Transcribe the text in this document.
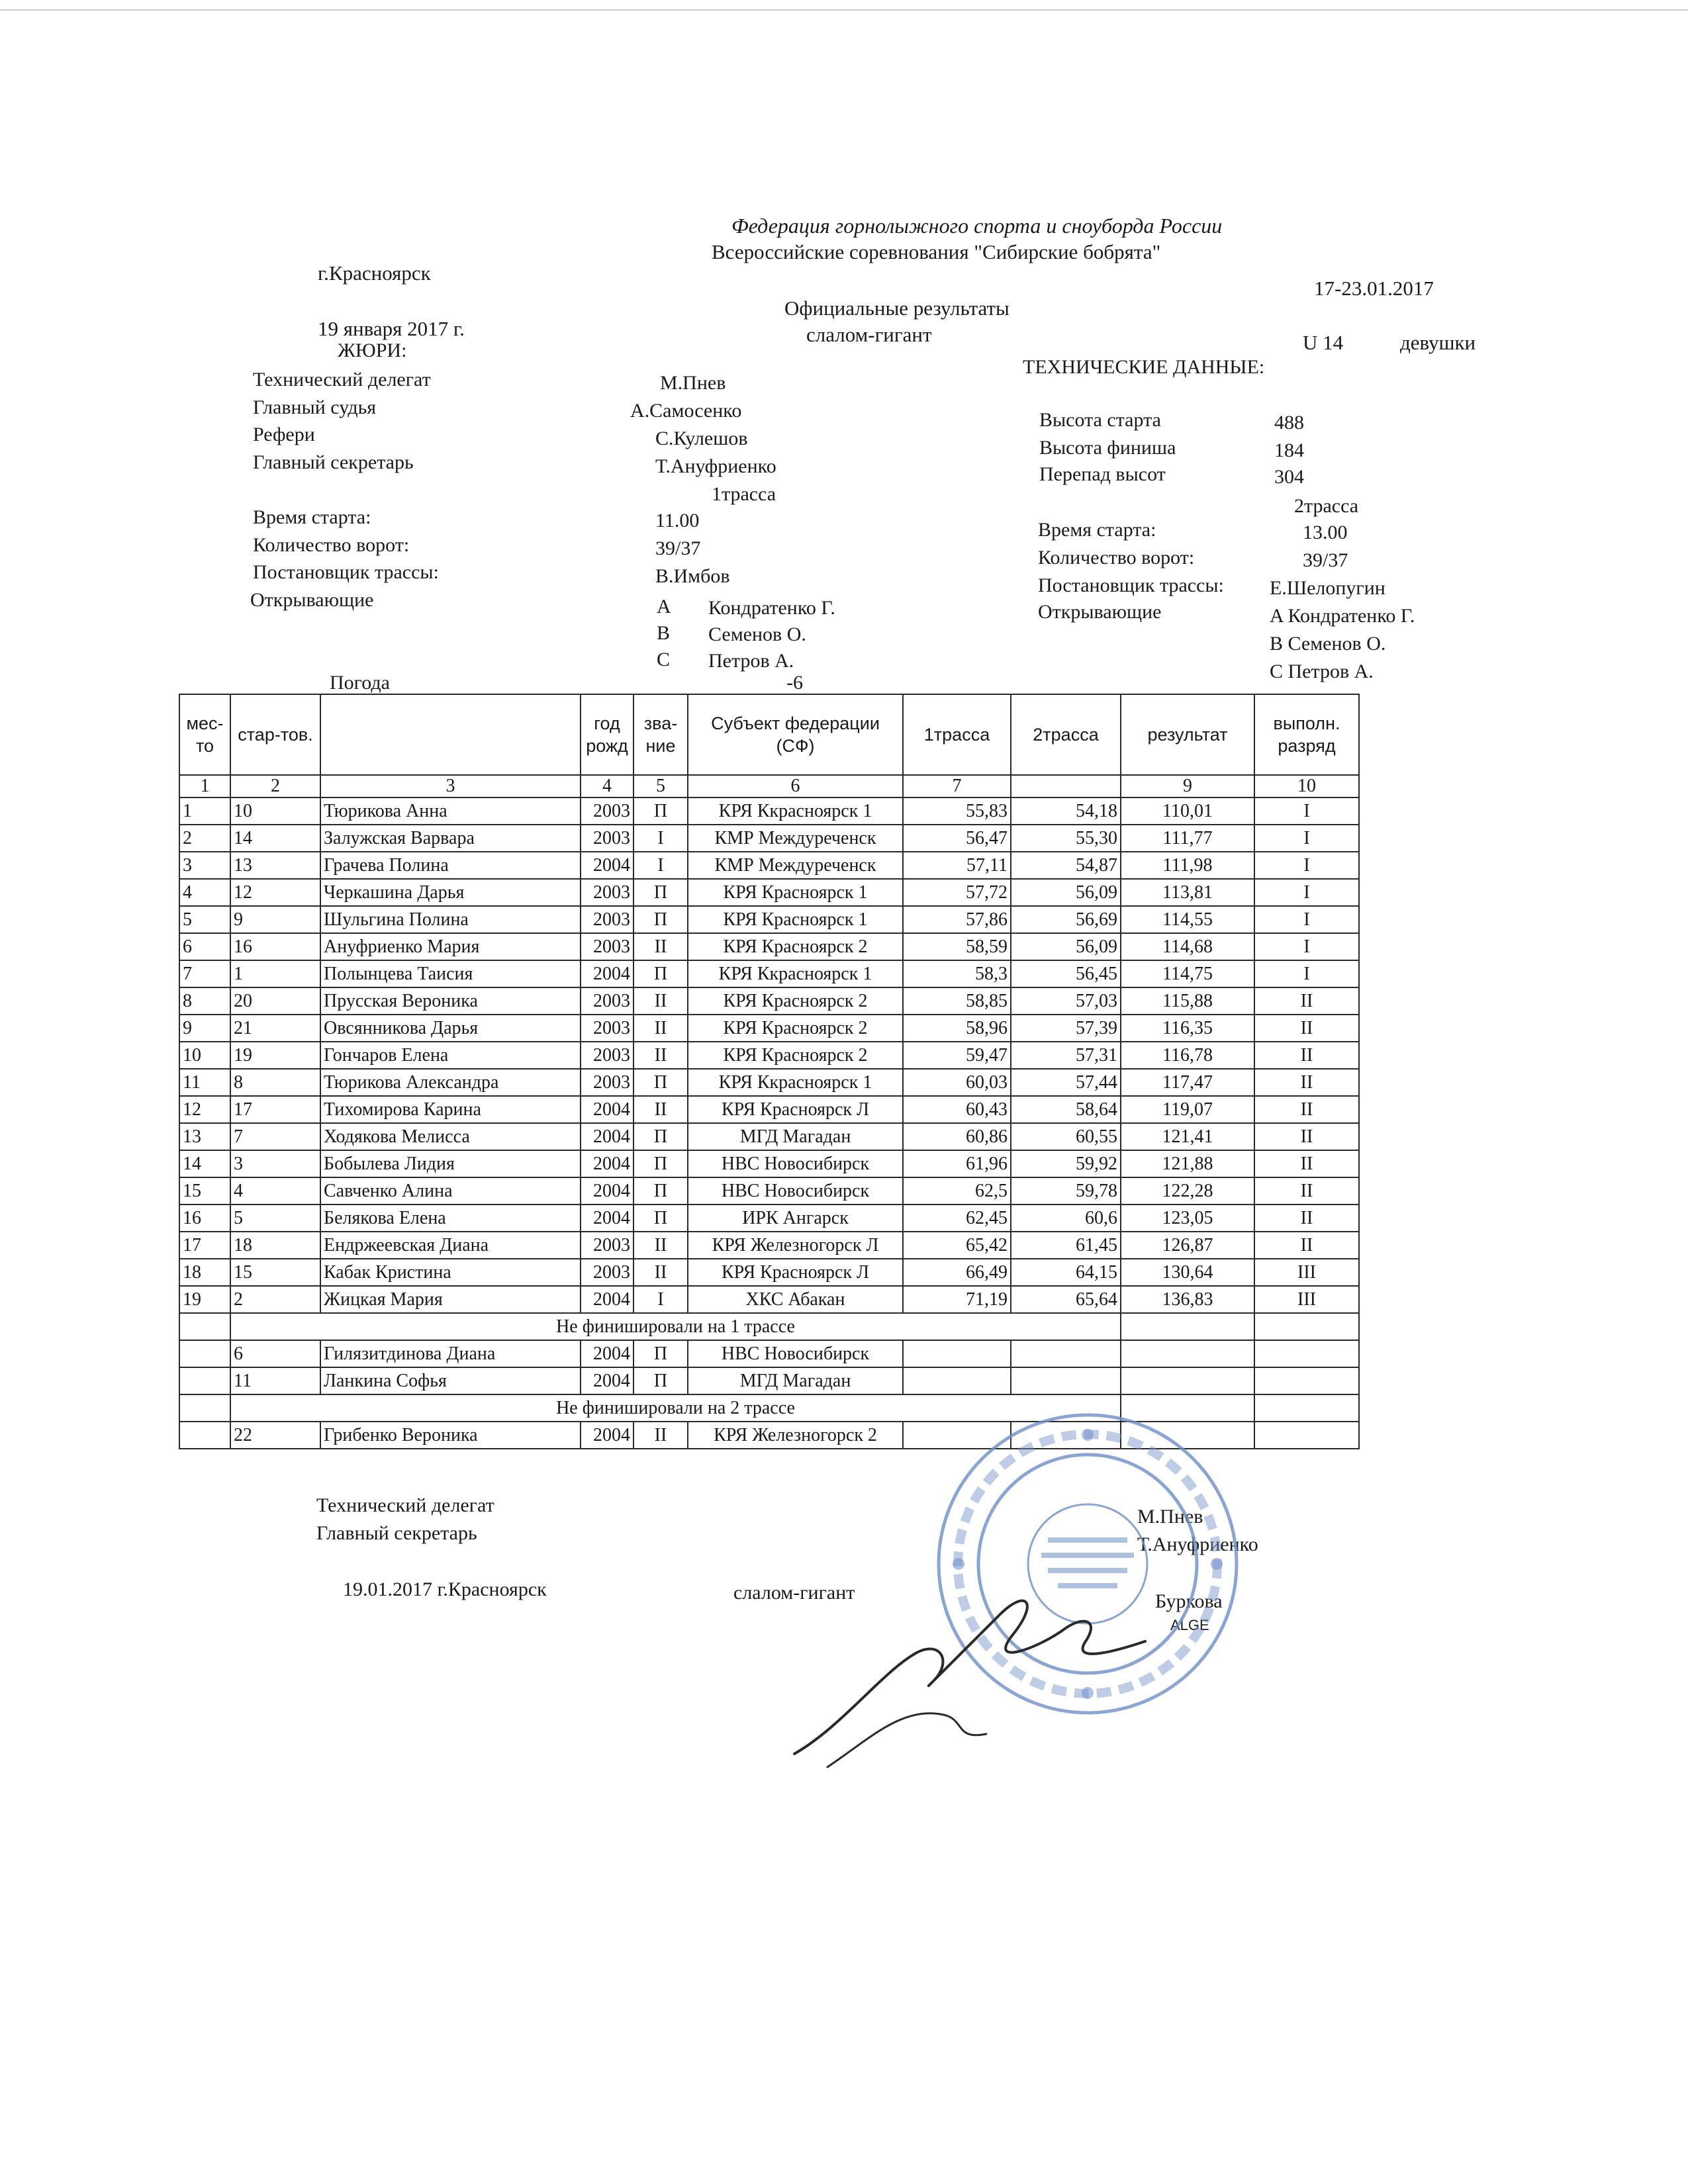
Федерация горнолыжного спорта и сноуборда России
Всероссийские соревнования "Сибирские бобрята"
г.Красноярск
17-23.01.2017
Официальные результаты
19 января 2017 г.	слалом-гигант	U 14	девушки
ЖЮРИ:
Технический делегат	М.Пнев
Главный судья	А.Самосенко
Рефери	С.Кулешов
Главный секретарь	Т.Ануфриенко
1трасса
Время старта:	11.00
Количество ворот:	39/37
Постановщик трассы:	В.Имбов
Открывающие	A Кондратенко Г.
B Семенов О.
C Петров А.
ТЕХНИЧЕСКИЕ ДАННЫЕ:
Высота старта	488
Высота финиша	184
Перепад высот	304
2трасса
Время старта:	13.00
Количество ворот:	39/37
Постановщик трассы: Е.Шелопугин
Открывающие	A Кондратенко Г.
B Семенов О.
C Петров А.
Погода	-6
мес-то	стар-тов.		год рожд	зва-ние	Субъект федерации (СФ)	1трасса	2трасса	результат	выполн. разряд
1	2	3	4	5	6	7		9	10
1	10	Тюрикова Анна	2003	П	КРЯ Ккрасноярск 1	55,83	54,18	110,01	I
2	14	Залужская Варвара	2003	I	КМР Междуреченск	56,47	55,30	111,77	I
3	13	Грачева Полина	2004	I	КМР Междуреченск	57,11	54,87	111,98	I
4	12	Черкашина Дарья	2003	П	КРЯ Красноярск 1	57,72	56,09	113,81	I
5	9	Шульгина Полина	2003	П	КРЯ Красноярск 1	57,86	56,69	114,55	I
6	16	Ануфриенко Мария	2003	II	КРЯ Красноярск 2	58,59	56,09	114,68	I
7	1	Полынцева Таисия	2004	П	КРЯ Ккрасноярск 1	58,3	56,45	114,75	I
8	20	Прусская Вероника	2003	II	КРЯ Красноярск 2	58,85	57,03	115,88	II
9	21	Овсянникова Дарья	2003	II	КРЯ Красноярск 2	58,96	57,39	116,35	II
10	19	Гончаров Елена	2003	II	КРЯ Красноярск 2	59,47	57,31	116,78	II
11	8	Тюрикова Александра	2003	П	КРЯ Ккрасноярск 1	60,03	57,44	117,47	II
12	17	Тихомирова Карина	2004	II	КРЯ Красноярск Л	60,43	58,64	119,07	II
13	7	Ходякова Мелисса	2004	П	МГД Магадан	60,86	60,55	121,41	II
14	3	Бобылева Лидия	2004	П	НВС Новосибирск	61,96	59,92	121,88	II
15	4	Савченко Алина	2004	П	НВС Новосибирск	62,5	59,78	122,28	II
16	5	Белякова Елена	2004	П	ИРК Ангарск	62,45	60,6	123,05	II
17	18	Ендржеевская Диана	2003	II	КРЯ Железногорск Л	65,42	61,45	126,87	II
18	15	Кабак Кристина	2003	II	КРЯ Красноярск Л	66,49	64,15	130,64	III
19	2	Жицкая Мария	2004	I	ХКС Абакан	71,19	65,64	136,83	III
	Не финишировали на 1 трассе								
	6	Гилязитдинова Диана	2004	П	НВС Новосибирск				
	11	Ланкина Софья	2004	П	МГД Магадан				
	Не финишировали на 2 трассе								
	22	Грибенко Вероника	2004	II	КРЯ Железногорск 2				
Технический делегат
М.Пнев
Главный секретарь
Т.Ануфриенко
19.01.2017 г.Красноярск	слалом-гигант	Буркова
ALGE
